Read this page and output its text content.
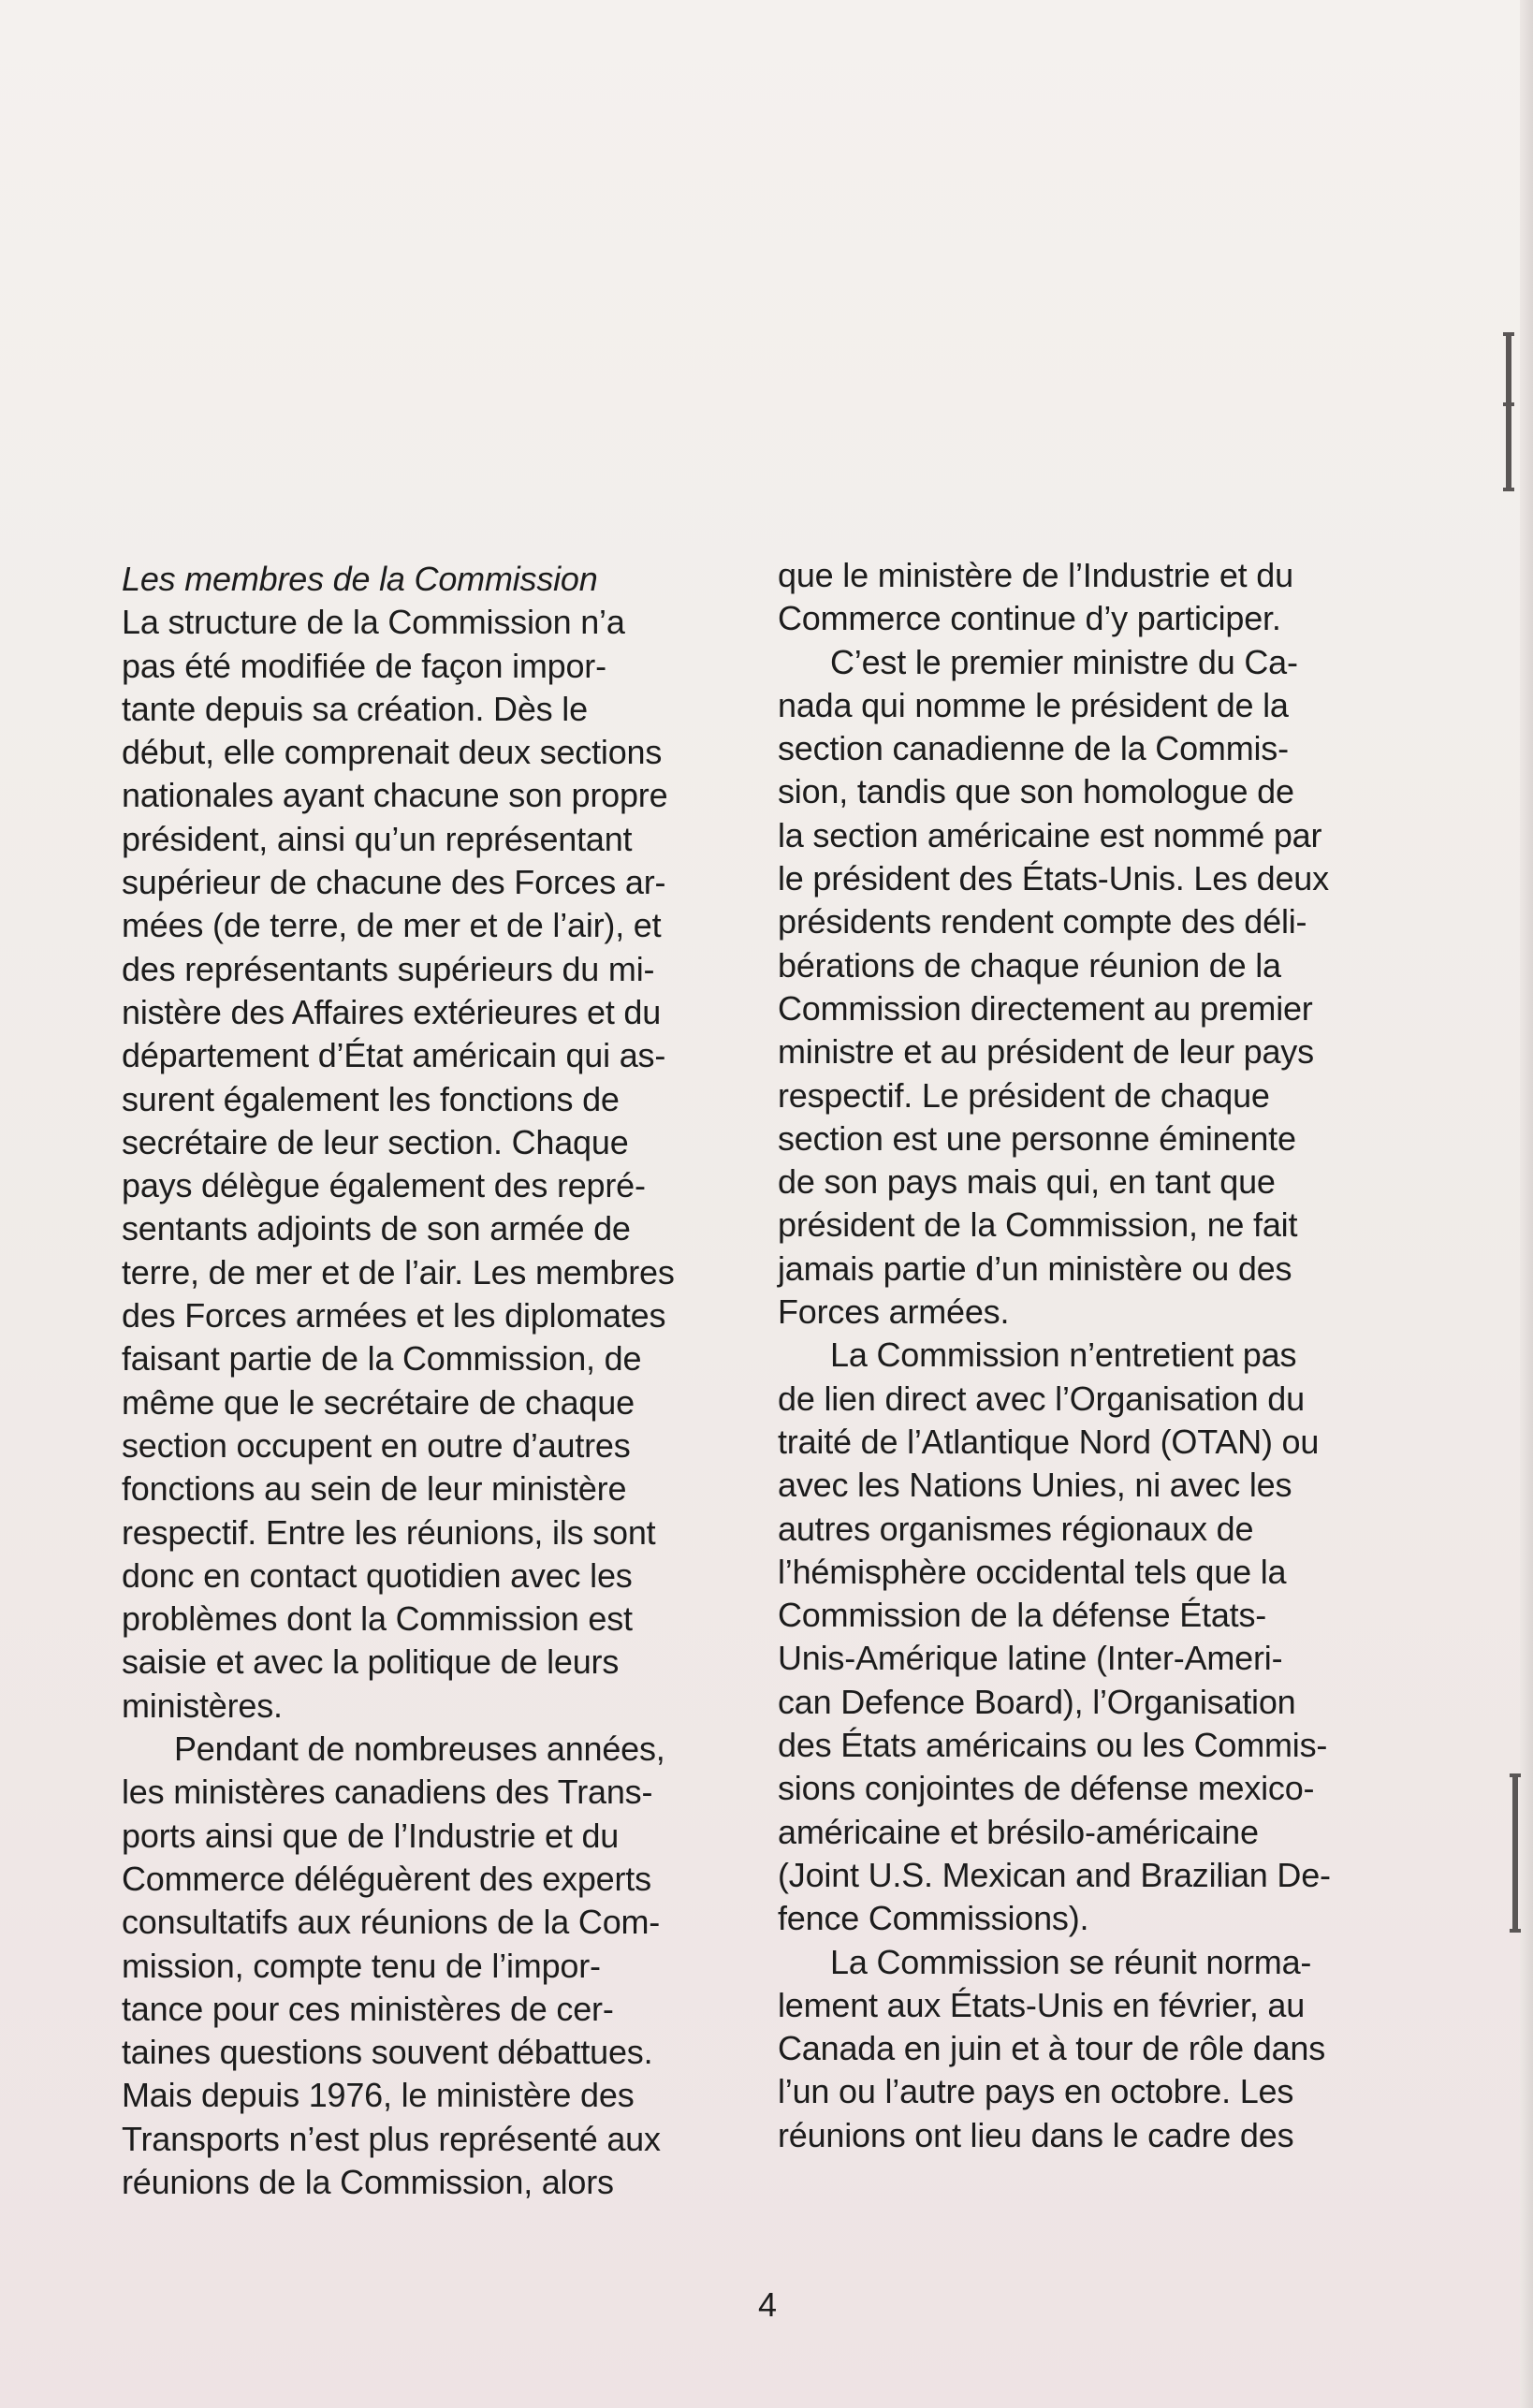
Les membres de la Commission
La structure de la Commission n’a
pas été modifiée de façon impor-
tante depuis sa création. Dès le
début, elle comprenait deux sections
nationales ayant chacune son propre
président, ainsi qu’un représentant
supérieur de chacune des Forces ar-
mées (de terre, de mer et de l’air), et
des représentants supérieurs du mi-
nistère des Affaires extérieures et du
département d’État américain qui as-
surent également les fonctions de
secrétaire de leur section. Chaque
pays délègue également des repré-
sentants adjoints de son armée de
terre, de mer et de l’air. Les membres
des Forces armées et les diplomates
faisant partie de la Commission, de
même que le secrétaire de chaque
section occupent en outre d’autres
fonctions au sein de leur ministère
respectif. Entre les réunions, ils sont
donc en contact quotidien avec les
problèmes dont la Commission est
saisie et avec la politique de leurs
ministères.
Pendant de nombreuses années,
les ministères canadiens des Trans-
ports ainsi que de l’Industrie et du
Commerce déléguèrent des experts
consultatifs aux réunions de la Com-
mission, compte tenu de l’impor-
tance pour ces ministères de cer-
taines questions souvent débattues.
Mais depuis 1976, le ministère des
Transports n’est plus représenté aux
réunions de la Commission, alors
que le ministère de l’Industrie et du
Commerce continue d’y participer.
C’est le premier ministre du Ca-
nada qui nomme le président de la
section canadienne de la Commis-
sion, tandis que son homologue de
la section américaine est nommé par
le président des États-Unis. Les deux
présidents rendent compte des déli-
bérations de chaque réunion de la
Commission directement au premier
ministre et au président de leur pays
respectif. Le président de chaque
section est une personne éminente
de son pays mais qui, en tant que
président de la Commission, ne fait
jamais partie d’un ministère ou des
Forces armées.
La Commission n’entretient pas
de lien direct avec l’Organisation du
traité de l’Atlantique Nord (OTAN) ou
avec les Nations Unies, ni avec les
autres organismes régionaux de
l’hémisphère occidental tels que la
Commission de la défense États-
Unis-Amérique latine (Inter-Ameri-
can Defence Board), l’Organisation
des États américains ou les Commis-
sions conjointes de défense mexico-
américaine et brésilo-américaine
(Joint U.S. Mexican and Brazilian De-
fence Commissions).
La Commission se réunit norma-
lement aux États-Unis en février, au
Canada en juin et à tour de rôle dans
l’un ou l’autre pays en octobre. Les
réunions ont lieu dans le cadre des
4
